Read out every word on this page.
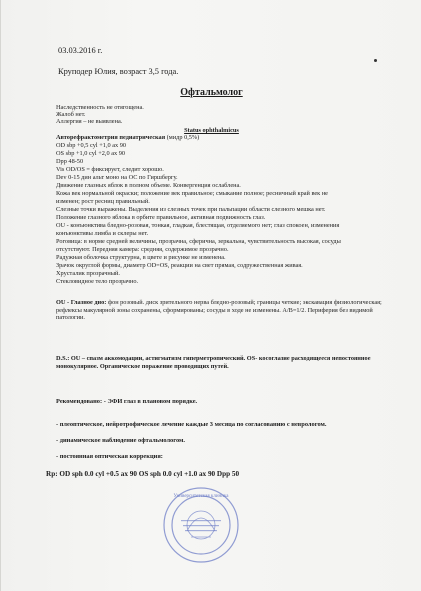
03.03.2016 г.
Круподер Юлия, возраст 3,5 года.
Офтальмолог
Наследственность не отягощена.
Жалоб нет.
Аллергия – не выявлена.
Status ophthalmicus
Авторефрактометрия педиатрическая (мидр 0,5%)
OD sbp +0,5 cyl +1,0 ax 90
OS sbp +1,0 cyl +2,0 ax 90
Dpp 48-50
Vis OD/OS = фиксирует, следит хорошо.
Dev 0-15 дин альт моно на ОС по Гиршбергу.
Движение глазных яблок в полном объеме. Конвергенция ослаблена.
Кожа век нормальной окраски; положение век правильное; смыкание полное; ресничный край век не
изменен; рост ресниц правильный.
Слезные точки выражены. Выделения из слезных точек при пальпации области слезного мешка нет.
Положение глазного яблока в орбите правильное, активная подвижность глаз.
OU - конъюнктива бледно-розовая, тонкая, гладкая, блестящая, отделяемого нет; глаз спокоен, изменения
конъюнктивы лимба и склеры нет.
Роговица: в норме средней величины, прозрачна, сферична, зеркальна, чувствительность высокая, сосуды
отсутствуют. Передняя камера: средняя, содержимое прозрачно.
Радужная оболочка структурна, в цвете и рисунке не изменена.
Зрачок округлой формы, диаметр OD=OS, реакции на свет прямая, содружественная живая.
Хрусталик прозрачный.
Стекловидное тело прозрачно.
OU - Глазное дно: фон розовый. диск зрительного нерва бледно-розовый; границы четкие; экскавация физиологическая; рефлексы макулярной зоны сохранены, сформированы; сосуды в ходе не изменены. A/B=1/2. Периферия без видимой патологии.
D.S.: OU – спазм аккомодации, астигматизм гиперметропический. OS- косоглазие расходящееся непостоянное монокулярное. Органическое поражение проводящих путей.
Рекомендовано: - ЭФИ глаз в плановом порядке.
- плеоптическое, нейротрофическое лечение каждые 3 месяца по согласованию с неврологом.
- динамическое наблюдение офтальмологом.
- постоянная оптическая коррекция:
Rp: OD sph 0.0 cyl +0.5 ax 90 OS sph 0.0 cyl +1.0 ax 90 Dpp 50
Университетская клиника
